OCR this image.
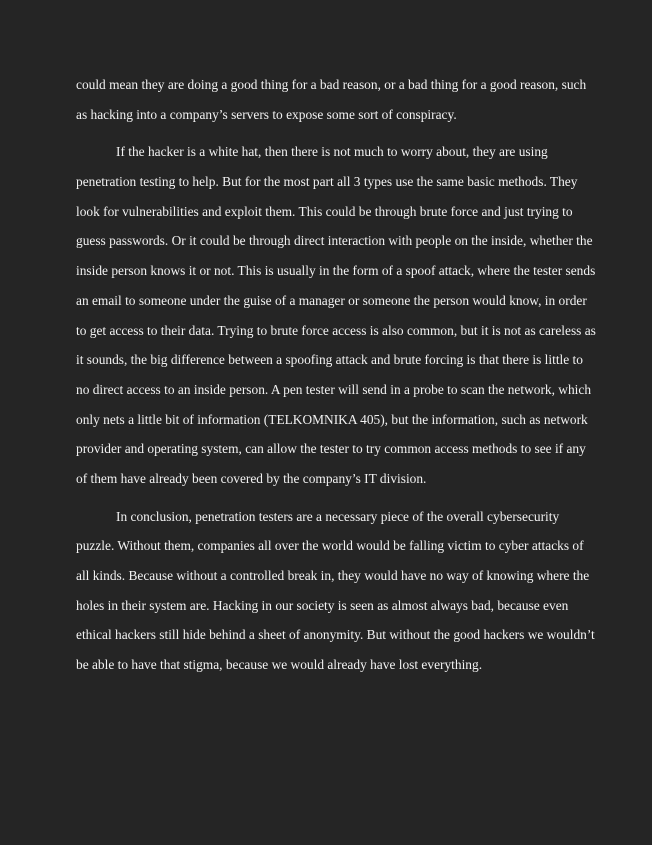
could mean they are doing a good thing for a bad reason, or a bad thing for a good reason, such
as hacking into a company’s servers to expose some sort of conspiracy.
If the hacker is a white hat, then there is not much to worry about, they are using
penetration testing to help. But for the most part all 3 types use the same basic methods. They
look for vulnerabilities and exploit them. This could be through brute force and just trying to
guess passwords. Or it could be through direct interaction with people on the inside, whether the
inside person knows it or not. This is usually in the form of a spoof attack, where the tester sends
an email to someone under the guise of a manager or someone the person would know, in order
to get access to their data. Trying to brute force access is also common, but it is not as careless as
it sounds, the big difference between a spoofing attack and brute forcing is that there is little to
no direct access to an inside person. A pen tester will send in a probe to scan the network, which
only nets a little bit of information (TELKOMNIKA 405), but the information, such as network
provider and operating system, can allow the tester to try common access methods to see if any
of them have already been covered by the company’s IT division.
In conclusion, penetration testers are a necessary piece of the overall cybersecurity
puzzle. Without them, companies all over the world would be falling victim to cyber attacks of
all kinds. Because without a controlled break in, they would have no way of knowing where the
holes in their system are. Hacking in our society is seen as almost always bad, because even
ethical hackers still hide behind a sheet of anonymity. But without the good hackers we wouldn’t
be able to have that stigma, because we would already have lost everything.
